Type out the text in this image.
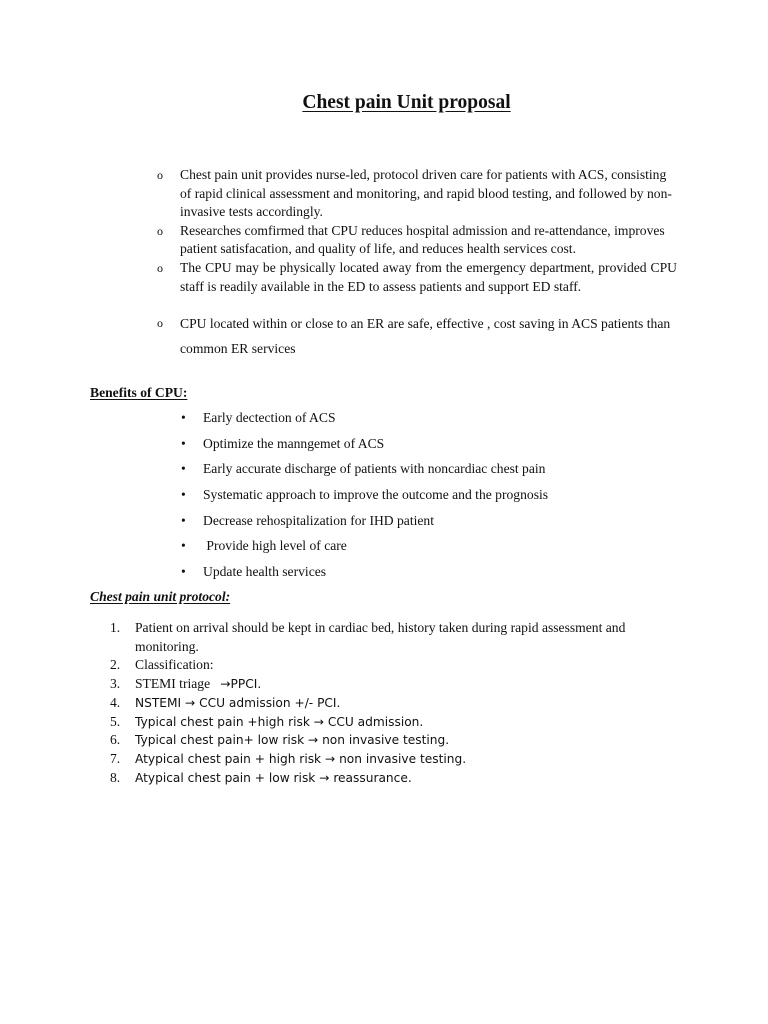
Chest pain Unit proposal
o Chest pain unit provides nurse-led, protocol driven care for patients with ACS, consisting of rapid clinical assessment and monitoring, and rapid blood testing, and followed by non-invasive tests accordingly.
o Researches comfirmed that CPU reduces hospital admission and re-attendance, improves patient satisfacation, and quality of life, and reduces health services cost.
o The CPU may be physically located away from the emergency department, provided CPU staff is readily available in the ED to assess patients and support ED staff.
o CPU located within or close to an ER are safe, effective , cost saving in ACS patients than common ER services
Benefits of CPU:
• Early dectection of ACS
• Optimize the manngemet of ACS
• Early accurate discharge of patients with noncardiac chest pain
• Systematic approach to improve the outcome and the prognosis
• Decrease rehospitalization for IHD patient
• Provide high level of care
• Update health services
Chest pain unit protocol:
1. Patient on arrival should be kept in cardiac bed, history taken during rapid assessment and monitoring.
2. Classification:
3. STEMI triage   →PPCI.
4. NSTEMI → CCU admission +/- PCI.
5. Typical chest pain +high risk → CCU admission.
6. Typical chest pain+ low risk → non invasive testing.
7. Atypical chest pain + high risk → non invasive testing.
8. Atypical chest pain + low risk → reassurance.
